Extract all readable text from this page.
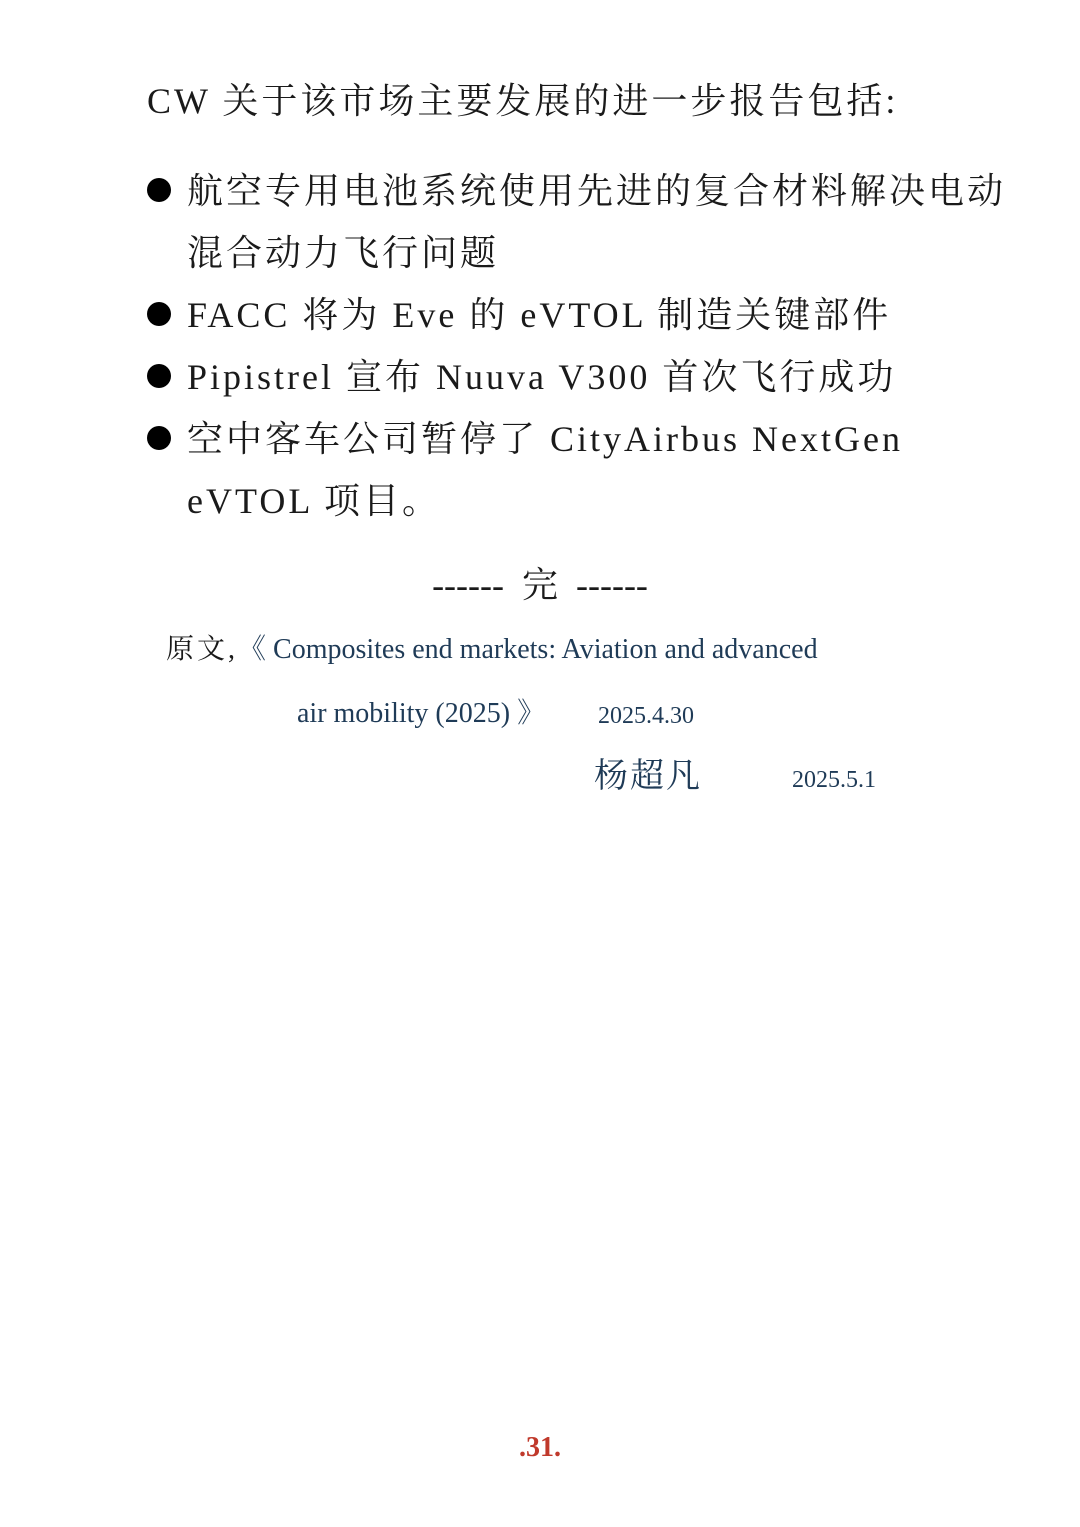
CW 关于该市场主要发展的进一步报告包括:
航空专用电池系统使用先进的复合材料解决电动混合动力飞行问题
FACC 将为 Eve 的 eVTOL 制造关键部件
Pipistrel 宣布 Nuuva V300 首次飞行成功
空中客车公司暂停了 CityAirbus NextGen eVTOL 项目。
------  完  ------
原文,《 Composites end markets: Aviation and advanced
air mobility (2025) 》 2025.4.30
杨超凡	2025.5.1
.31.
